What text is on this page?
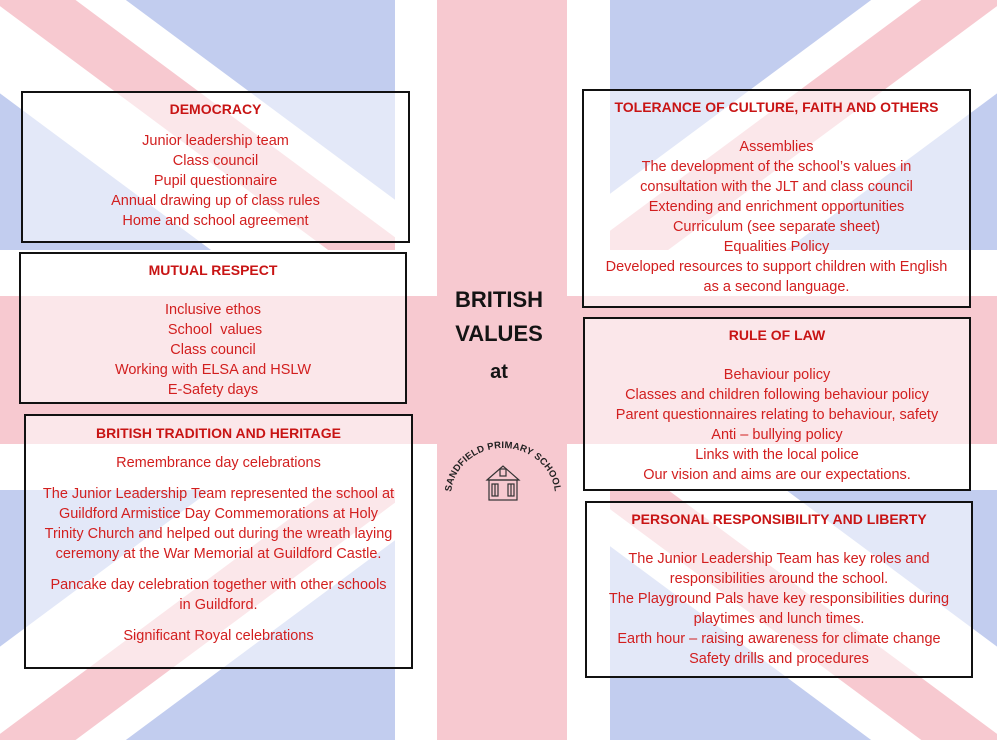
DEMOCRACY
Junior leadership team
Class council
Pupil questionnaire
Annual drawing up of class rules
Home and school agreement
MUTUAL RESPECT
Inclusive ethos
School  values
Class council
Working with ELSA and HSLW
E-Safety days
BRITISH TRADITION AND HERITAGE
Remembrance day celebrations
The Junior Leadership Team represented the school at
Guildford Armistice Day Commemorations at Holy
Trinity Church and helped out during the wreath laying
ceremony at the War Memorial at Guildford Castle.
Pancake day celebration together with other schools
in Guildford.
Significant Royal celebrations
TOLERANCE OF CULTURE, FAITH AND OTHERS
Assemblies
The development of the school’s values in
consultation with the JLT and class council
Extending and enrichment opportunities
Curriculum (see separate sheet)
Equalities Policy
Developed resources to support children with English
as a second language.
RULE OF LAW
Behaviour policy
Classes and children following behaviour policy
Parent questionnaires relating to behaviour, safety
Anti – bullying policy
Links with the local police
Our vision and aims are our expectations.
PERSONAL RESPONSIBILITY AND LIBERTY
The Junior Leadership Team has key roles and
responsibilities around the school.
The Playground Pals have key responsibilities during
playtimes and lunch times.
Earth hour – raising awareness for climate change
Safety drills and procedures
BRITISH
VALUES
at
SANDFIELD PRIMARY SCHOOL
